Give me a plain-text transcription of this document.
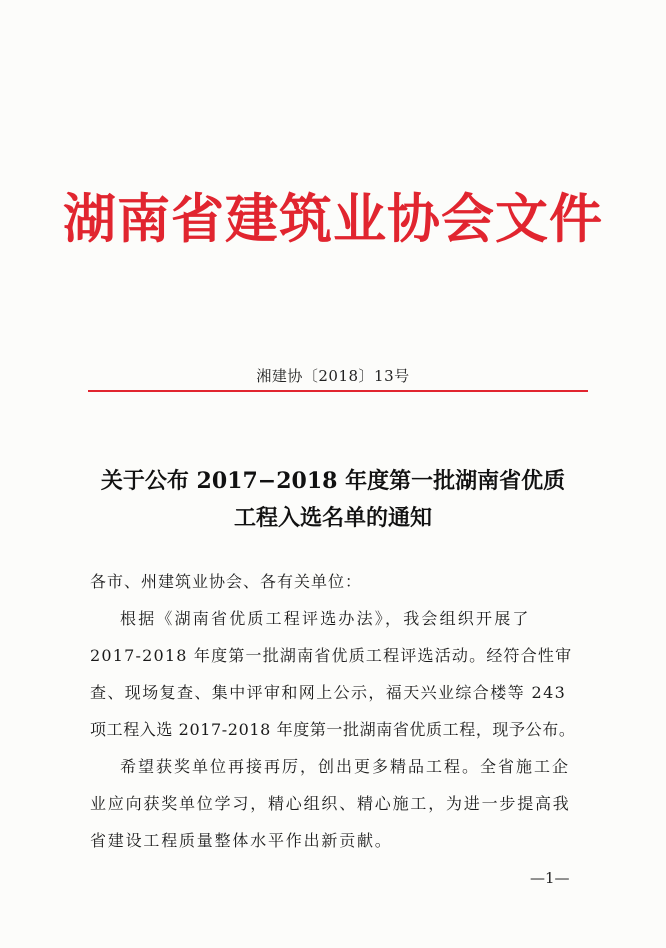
湖南省建筑业协会文件
湘建协〔2018〕13号
关于公布 2017−2018 年度第一批湖南省优质
工程入选名单的通知
各市、州建筑业协会、各有关单位：
根据《湖南省优质工程评选办法》，我会组织开展了
2017-2018 年度第一批湖南省优质工程评选活动。经符合性审
查、现场复查、集中评审和网上公示，福天兴业综合楼等 243
项工程入选 2017-2018 年度第一批湖南省优质工程，现予公布。
希望获奖单位再接再厉，创出更多精品工程。全省施工企
业应向获奖单位学习，精心组织、精心施工，为进一步提高我
省建设工程质量整体水平作出新贡献。
—1—
